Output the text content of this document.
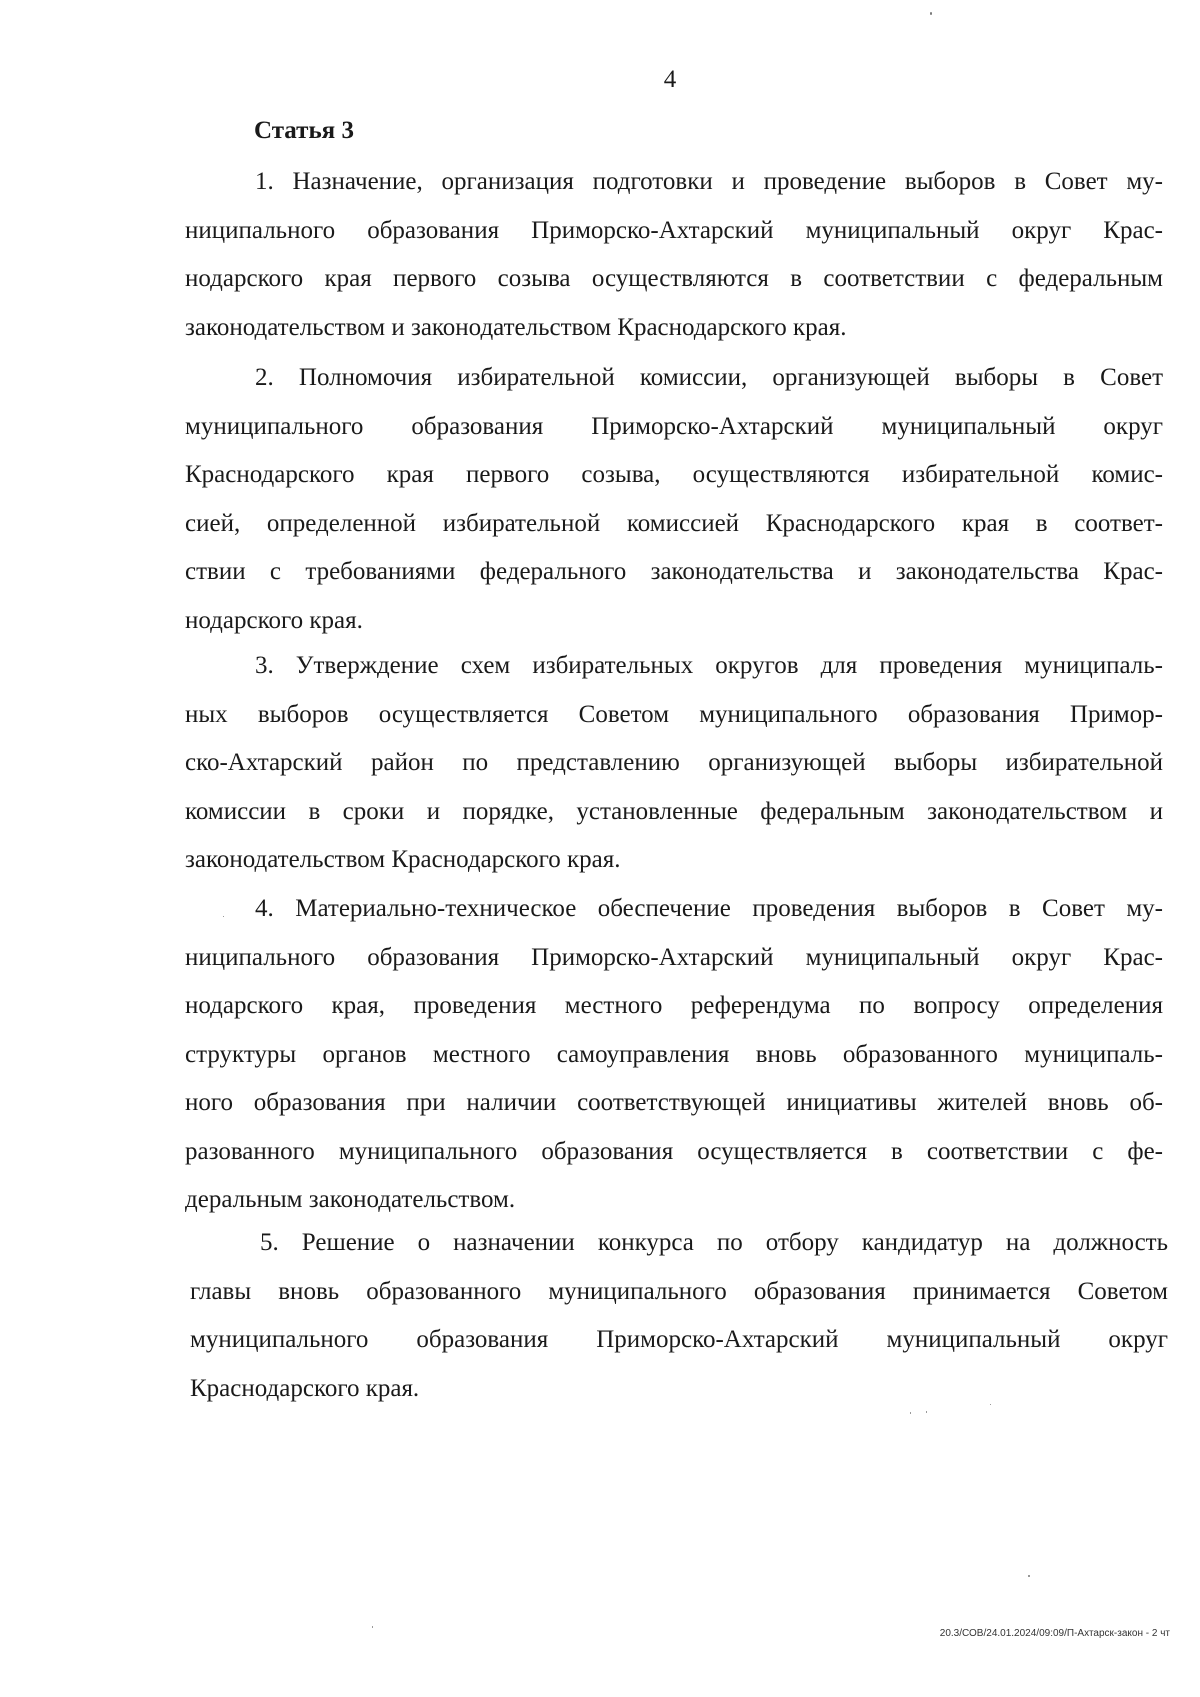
4
Статья 3
1. Назначение, организация подготовки и проведение выборов в Совет му-
ниципального образования Приморско-Ахтарский муниципальный округ Крас-
нодарского края первого созыва осуществляются в соответствии с федеральным
законодательством и законодательством Краснодарского края.
2. Полномочия избирательной комиссии, организующей выборы в Совет
муниципального образования Приморско-Ахтарский муниципальный округ
Краснодарского края первого созыва, осуществляются избирательной комис-
сией, определенной избирательной комиссией Краснодарского края в соответ-
ствии с требованиями федерального законодательства и законодательства Крас-
нодарского края.
3. Утверждение схем избирательных округов для проведения муниципаль-
ных выборов осуществляется Советом муниципального образования Примор-
ско-Ахтарский район по представлению организующей выборы избирательной
комиссии в сроки и порядке, установленные федеральным законодательством и
законодательством Краснодарского края.
4. Материально-техническое обеспечение проведения выборов в Совет му-
ниципального образования Приморско-Ахтарский муниципальный округ Крас-
нодарского края, проведения местного референдума по вопросу определения
структуры органов местного самоуправления вновь образованного муниципаль-
ного образования при наличии соответствующей инициативы жителей вновь об-
разованного муниципального образования осуществляется в соответствии с фе-
деральным законодательством.
5. Решение о назначении конкурса по отбору кандидатур на должность
главы вновь образованного муниципального образования принимается Советом
муниципального образования Приморско-Ахтарский муниципальный округ
Краснодарского края.
20.3/СОВ/24.01.2024/09:09/П-Ахтарск-закон - 2 чт
